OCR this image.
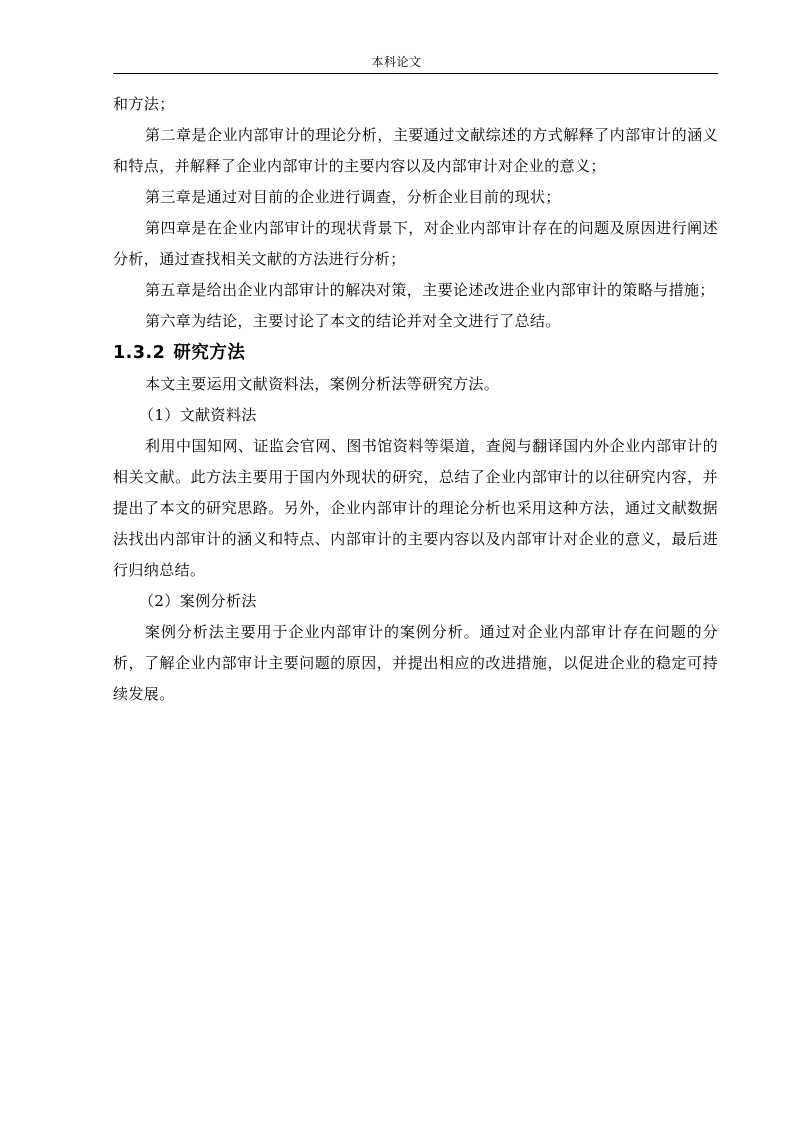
本科论文

和方法；

第二章是企业内部审计的理论分析，主要通过文献综述的方式解释了内部审计的涵义和特点，并解释了企业内部审计的主要内容以及内部审计对企业的意义；

第三章是通过对目前的企业进行调查，分析企业目前的现状；

第四章是在企业内部审计的现状背景下，对企业内部审计存在的问题及原因进行阐述分析，通过查找相关文献的方法进行分析；

第五章是给出企业内部审计的解决对策，主要论述改进企业内部审计的策略与措施；

第六章为结论，主要讨论了本文的结论并对全文进行了总结。

1.3.2 研究方法

本文主要运用文献资料法，案例分析法等研究方法。

（1）文献资料法

利用中国知网、证监会官网、图书馆资料等渠道，查阅与翻译国内外企业内部审计的相关文献。此方法主要用于国内外现状的研究，总结了企业内部审计的以往研究内容，并提出了本文的研究思路。另外，企业内部审计的理论分析也采用这种方法，通过文献数据法找出内部审计的涵义和特点、内部审计的主要内容以及内部审计对企业的意义，最后进行归纳总结。

（2）案例分析法

案例分析法主要用于企业内部审计的案例分析。通过对企业内部审计存在问题的分析，了解企业内部审计主要问题的原因，并提出相应的改进措施，以促进企业的稳定可持续发展。
